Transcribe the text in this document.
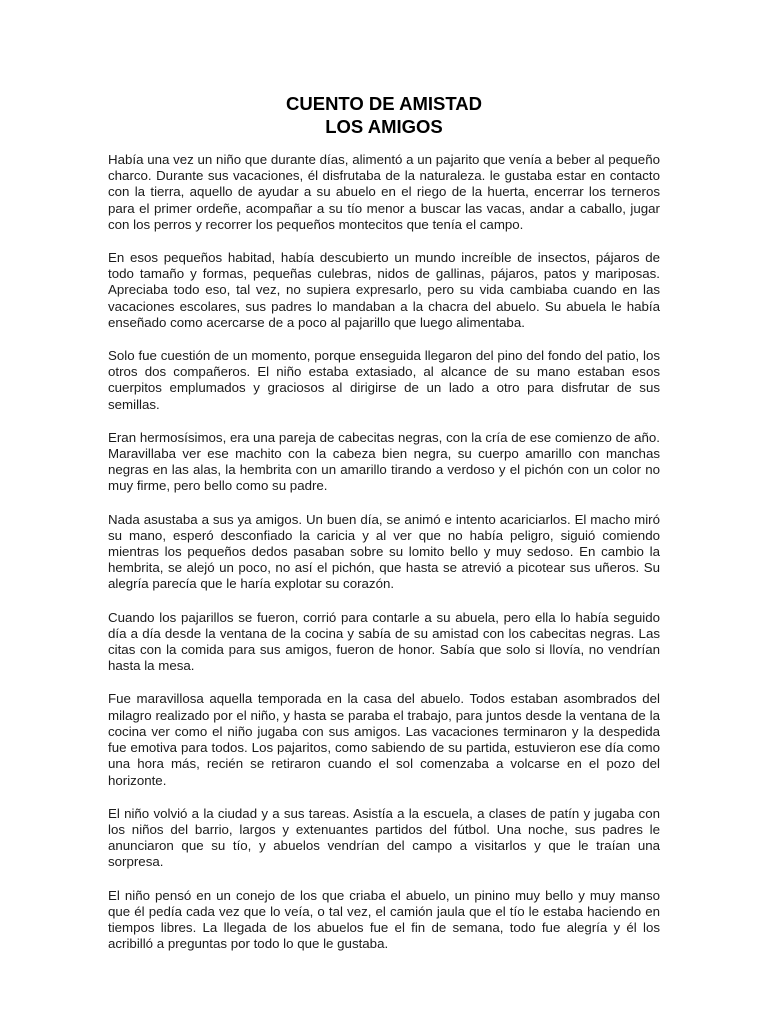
CUENTO DE AMISTAD
LOS AMIGOS

Había una vez un niño que durante días, alimentó a un pajarito que venía a beber al pequeño charco. Durante sus vacaciones, él disfrutaba de la naturaleza. le gustaba estar en contacto con la tierra, aquello de ayudar a su abuelo en el riego de la huerta, encerrar los terneros para el primer ordeñe, acompañar a su tío menor a buscar las vacas, andar a caballo, jugar con los perros y recorrer los pequeños montecitos que tenía el campo.

En esos pequeños habitad, había descubierto un mundo increíble de insectos, pájaros de todo tamaño y formas, pequeñas culebras, nidos de gallinas, pájaros, patos y mariposas. Apreciaba todo eso, tal vez, no supiera expresarlo, pero su vida cambiaba cuando en las vacaciones escolares, sus padres lo mandaban a la chacra del abuelo. Su abuela le había enseñado como acercarse de a poco al pajarillo que luego alimentaba.

Solo fue cuestión de un momento, porque enseguida llegaron del pino del fondo del patio, los otros dos compañeros. El niño estaba extasiado, al alcance de su mano estaban esos cuerpitos emplumados y graciosos al dirigirse de un lado a otro para disfrutar de sus semillas.

Eran hermosísimos, era una pareja de cabecitas negras, con la cría de ese comienzo de año. Maravillaba ver ese machito con la cabeza bien negra, su cuerpo amarillo con manchas negras en las alas, la hembrita con un amarillo tirando a verdoso y el pichón con un color no muy firme, pero bello como su padre.

Nada asustaba a sus ya amigos. Un buen día, se animó e intento acariciarlos. El macho miró su mano, esperó desconfiado la caricia y al ver que no había peligro, siguió comiendo mientras los pequeños dedos pasaban sobre su lomito bello y muy sedoso. En cambio la hembrita, se alejó un poco, no así el pichón, que hasta se atrevió a picotear sus uñeros. Su alegría parecía que le haría explotar su corazón.

Cuando los pajarillos se fueron, corrió para contarle a su abuela, pero ella lo había seguido día a día desde la ventana de la cocina y sabía de su amistad con los cabecitas negras. Las citas con la comida para sus amigos, fueron de honor. Sabía que solo si llovía, no vendrían hasta la mesa.

Fue maravillosa aquella temporada en la casa del abuelo. Todos estaban asombrados del milagro realizado por el niño, y hasta se paraba el trabajo, para juntos desde la ventana de la cocina ver como el niño jugaba con sus amigos. Las vacaciones terminaron y la despedida fue emotiva para todos. Los pajaritos, como sabiendo de su partida, estuvieron ese día como una hora más, recién se retiraron cuando el sol comenzaba a volcarse en el pozo del horizonte.

El niño volvió a la ciudad y a sus tareas. Asistía a la escuela, a clases de patín y jugaba con los niños del barrio, largos y extenuantes partidos del fútbol. Una noche, sus padres le anunciaron que su tío, y abuelos vendrían del campo a visitarlos y que le traían una sorpresa.

El niño pensó en un conejo de los que criaba el abuelo, un pinino muy bello y muy manso que él pedía cada vez que lo veía, o tal vez, el camión jaula que el tío le estaba haciendo en tiempos libres. La llegada de los abuelos fue el fin de semana, todo fue alegría y él los acribilló a preguntas por todo lo que le gustaba.
